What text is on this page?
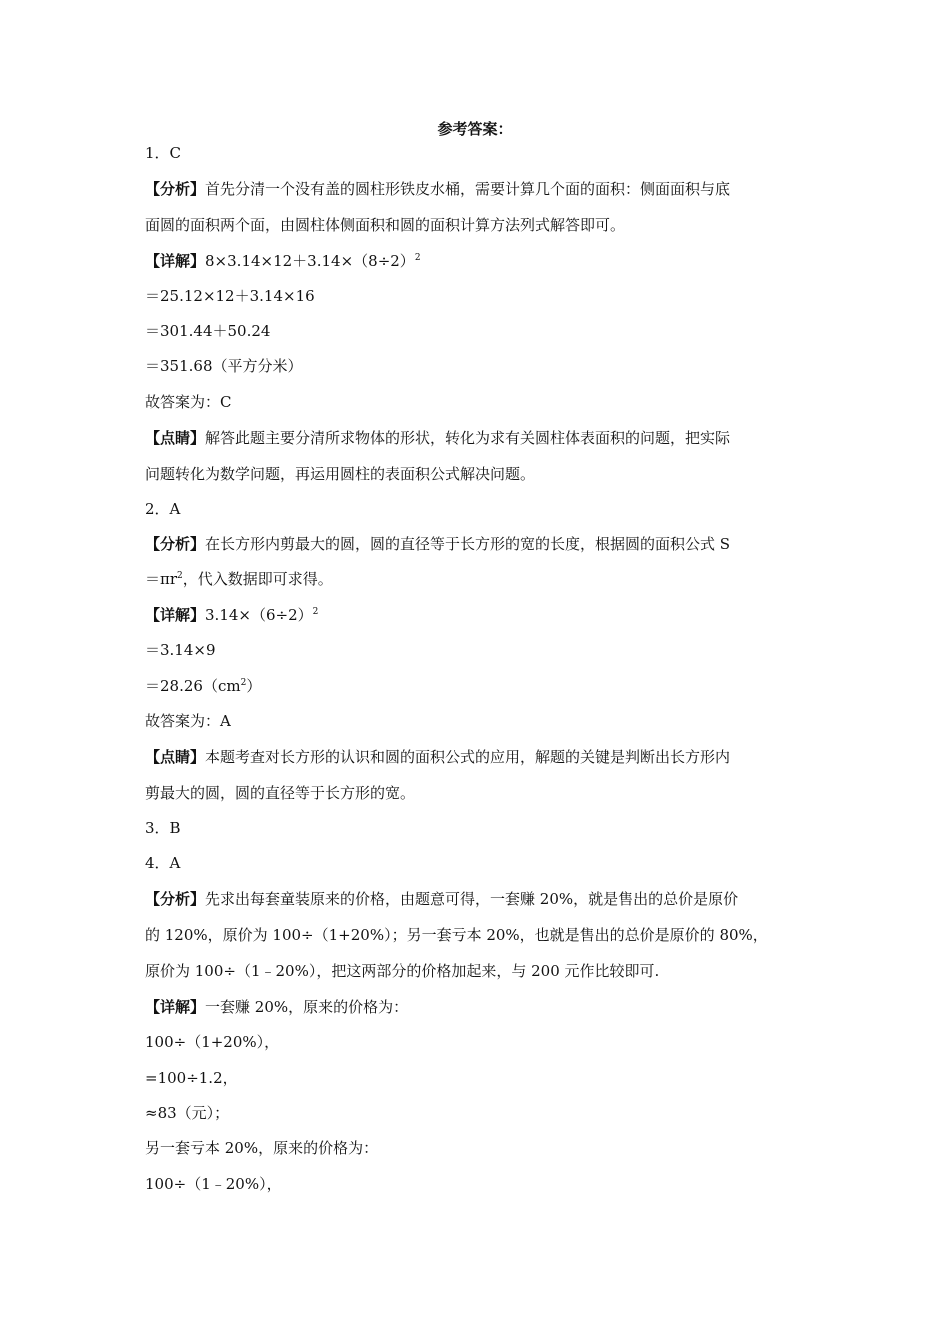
参考答案：
1．C
【分析】首先分清一个没有盖的圆柱形铁皮水桶，需要计算几个面的面积：侧面面积与底
面圆的面积两个面，由圆柱体侧面积和圆的面积计算方法列式解答即可。
【详解】$8\times 3.14\times 12+3.14\times(8\div 2)^2$
＝25.12×12＋3.14×16
＝301.44＋50.24
＝351.68（平方分米）
故答案为：C
【点睛】解答此题主要分清所求物体的形状，转化为求有关圆柱体表面积的问题，把实际
问题转化为数学问题，再运用圆柱的表面积公式解决问题。
2．A
【分析】在长方形内剪最大的圆，圆的直径等于长方形的宽的长度，根据圆的面积公式 S
$=\pi r^2$，代入数据即可求得。
【详解】$3.14\times(6\div 2)^2$
＝3.14×9
$=28.26(cm^2)$
故答案为：A
【点睛】本题考查对长方形的认识和圆的面积公式的应用，解题的关键是判断出长方形内
剪最大的圆，圆的直径等于长方形的宽。
3．B
4．A
【分析】先求出每套童装原来的价格，由题意可得，一套赚 20%，就是售出的总价是原价
的 120%，原价为 100÷（1+20%）；另一套亏本 20%，也就是售出的总价是原价的 80%，
原价为 100÷（1﹣20%），把这两部分的价格加起来，与 200 元作比较即可.
【详解】一套赚 20%，原来的价格为：
100÷（1+20%），
=100÷1.2，
≈83（元）；
另一套亏本 20%，原来的价格为：
100÷（1﹣20%），
